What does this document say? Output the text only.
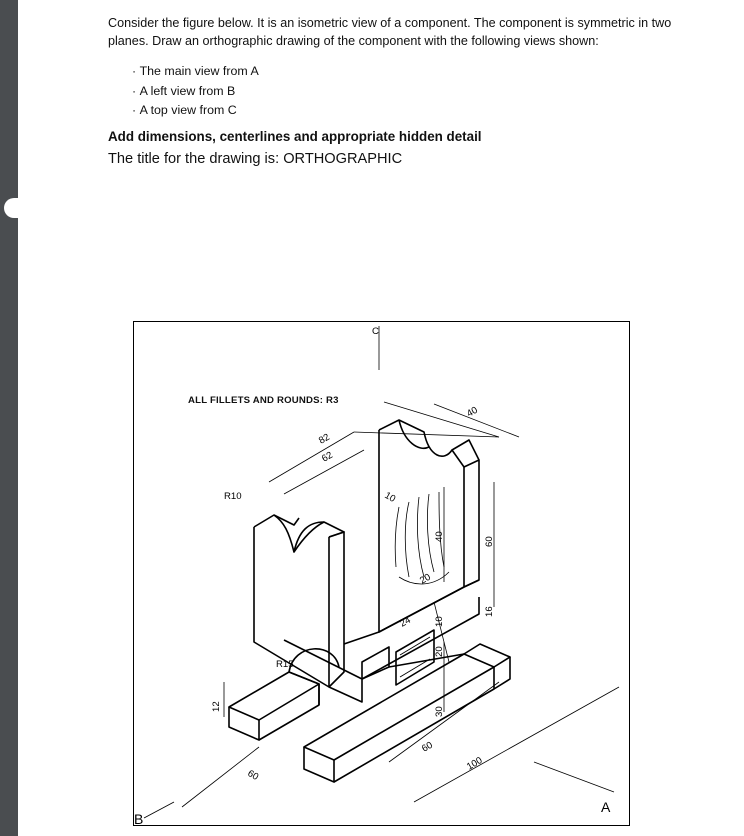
Consider the figure below. It is an isometric view of a component. The component is symmetric in two planes. Draw an orthographic drawing of the component with the following views shown:
· The main view from A
· A left view from B
· A top view from C
Add dimensions, centerlines and appropriate hidden detail
The title for the drawing is: ORTHOGRAPHIC
ALL FILLETS AND ROUNDS: R3
C
A
B
82
62
40
10
40
20
24 10
20
60
16
30
60
100
60
12
R10
R15
